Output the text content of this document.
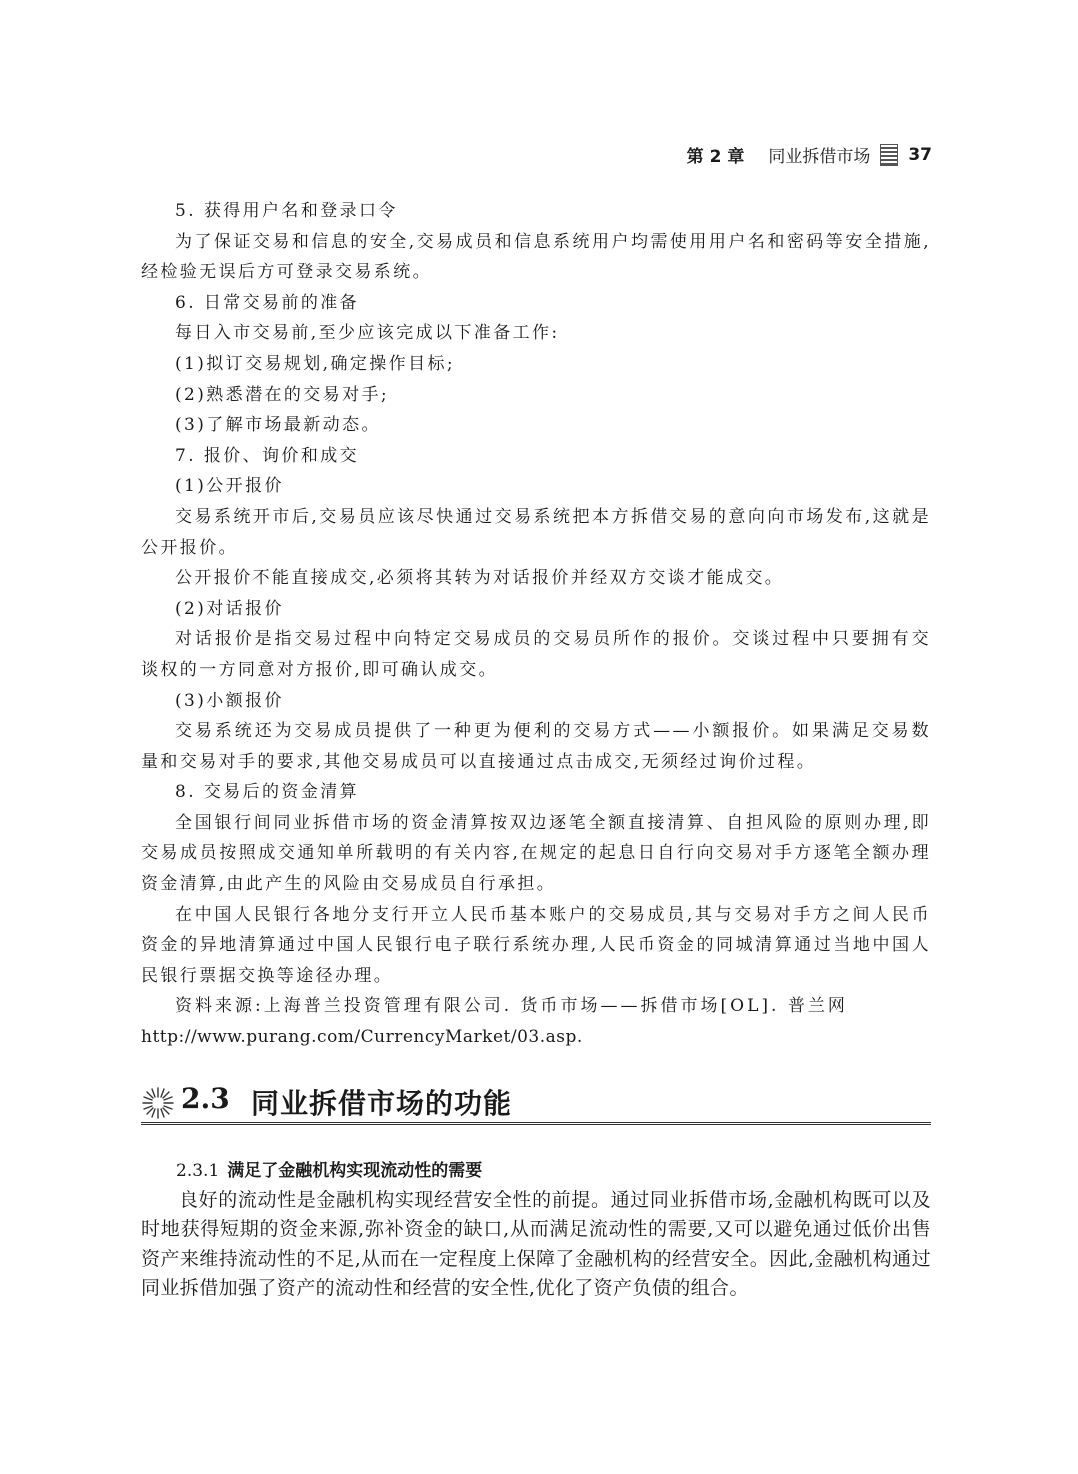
第 2 章 同业拆借市场 37

5. 获得用户名和登录口令

为了保证交易和信息的安全,交易成员和信息系统用户均需使用用户名和密码等安全措施,经检验无误后方可登录交易系统。

6. 日常交易前的准备

每日入市交易前,至少应该完成以下准备工作:

(1)拟订交易规划,确定操作目标;

(2)熟悉潜在的交易对手;

(3)了解市场最新动态。

7. 报价、询价和成交

(1)公开报价

交易系统开市后,交易员应该尽快通过交易系统把本方拆借交易的意向向市场发布,这就是公开报价。

公开报价不能直接成交,必须将其转为对话报价并经双方交谈才能成交。

(2)对话报价

对话报价是指交易过程中向特定交易成员的交易员所作的报价。交谈过程中只要拥有交谈权的一方同意对方报价,即可确认成交。

(3)小额报价

交易系统还为交易成员提供了一种更为便利的交易方式——小额报价。如果满足交易数量和交易对手的要求,其他交易成员可以直接通过点击成交,无须经过询价过程。

8. 交易后的资金清算

全国银行间同业拆借市场的资金清算按双边逐笔全额直接清算、自担风险的原则办理,即交易成员按照成交通知单所载明的有关内容,在规定的起息日自行向交易对手方逐笔全额办理资金清算,由此产生的风险由交易成员自行承担。

在中国人民银行各地分支行开立人民币基本账户的交易成员,其与交易对手方之间人民币资金的异地清算通过中国人民银行电子联行系统办理,人民币资金的同城清算通过当地中国人民银行票据交换等途径办理。

资料来源:上海普兰投资管理有限公司. 货币市场——拆借市场[OL]. 普兰网

http://www.purang.com/CurrencyMarket/03.asp.

2.3 同业拆借市场的功能
2.3.1 满足了金融机构实现流动性的需要

良好的流动性是金融机构实现经营安全性的前提。通过同业拆借市场,金融机构既可以及时地获得短期的资金来源,弥补资金的缺口,从而满足流动性的需要,又可以避免通过低价出售资产来维持流动性的不足,从而在一定程度上保障了金融机构的经营安全。因此,金融机构通过同业拆借加强了资产的流动性和经营的安全性,优化了资产负债的组合。
